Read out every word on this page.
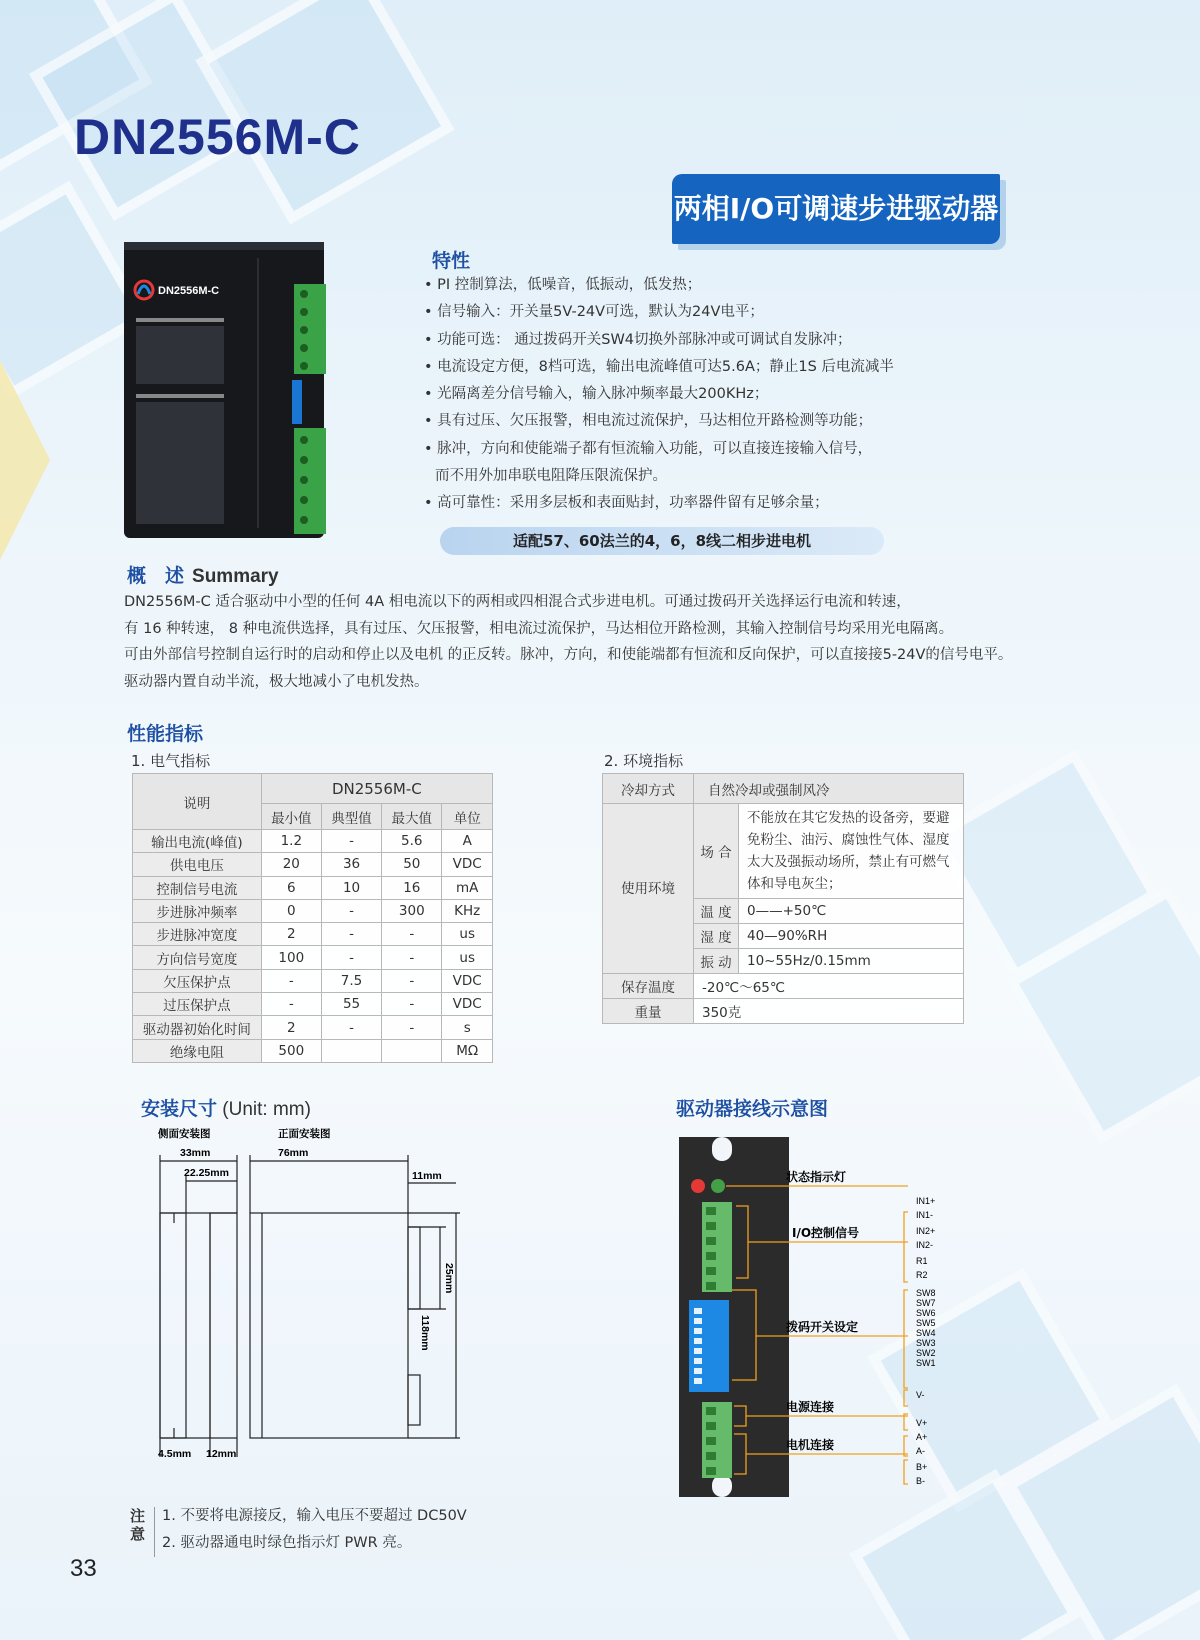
DN2556M-C
两相I/O可调速步进驱动器
DN2556M-C
特性
• PI 控制算法，低噪音，低振动，低发热；
• 信号输入：开关量5V-24V可选，默认为24V电平；
• 功能可选： 通过拨码开关SW4切换外部脉冲或可调试自发脉冲；
• 电流设定方便，8档可选，输出电流峰值可达5.6A；静止1S 后电流减半
• 光隔离差分信号输入，输入脉冲频率最大200KHz；
• 具有过压、欠压报警，相电流过流保护，马达相位开路检测等功能；
• 脉冲，方向和使能端子都有恒流输入功能，可以直接连接输入信号，
而不用外加串联电阻降压限流保护。
• 高可靠性：采用多层板和表面贴封，功率器件留有足够余量；
适配57、60法兰的4，6，8线二相步进电机
概　述 Summary

DN2556M-C 适合驱动中小型的任何 4A 相电流以下的两相或四相混合式步进电机。可通过拨码开关选择运行电流和转速，

有 16 种转速， 8 种电流供选择，具有过压、欠压报警，相电流过流保护，马达相位开路检测，其输入控制信号均采用光电隔离。

可由外部信号控制自运行时的启动和停止以及电机 的正反转。脉冲，方向，和使能端都有恒流和反向保护，可以直接接5-24V的信号电平。

驱动器内置自动半流，极大地减小了电机发热。

性能指标
1. 电气指标	2. 环境指标
说明	DN2556M-C			
	最小值	典型值	最大值	单位
输出电流(峰值)	1.2	-	5.6	A
供电电压	20	36	50	VDC
控制信号电流	6	10	16	mA
步进脉冲频率	0	-	300	KHz
步进脉冲宽度	2	-	-	us
方向信号宽度	100	-	-	us
欠压保护点	-	7.5	-	VDC
过压保护点	-	55	-	VDC
驱动器初始化时间	2	-	-	s
绝缘电阻	500			MΩ
冷却方式	自然冷却或强制风冷	
使用环境	场 合	不能放在其它发热的设备旁，要避免粉尘、油污、腐蚀性气体、湿度太大及强振动场所，禁止有可燃气体和导电灰尘；
	温 度	0——+50℃
	湿 度	40—90%RH
	振 动	10~55Hz/0.15mm
保存温度	-20℃～65℃	
重量	350克	
安装尺寸 (Unit: mm)	驱动器接线示意图
侧面安装图	正面安装图
33mm
22.25mm
76mm
11mm
25mm
118mm
4.5mm 12mm
状态指示灯
I/O控制信号
拨码开关设定
电源连接
电机连接
IN1+
IN1-
IN2+
IN2-
R1
R2
SW8
SW7
SW6
SW5
SW4
SW3
SW2
SW1
V-
V+
A+
A-
B+
B-
注意
1. 不要将电源接反，输入电压不要超过 DC50V
2. 驱动器通电时绿色指示灯 PWR 亮。
33
